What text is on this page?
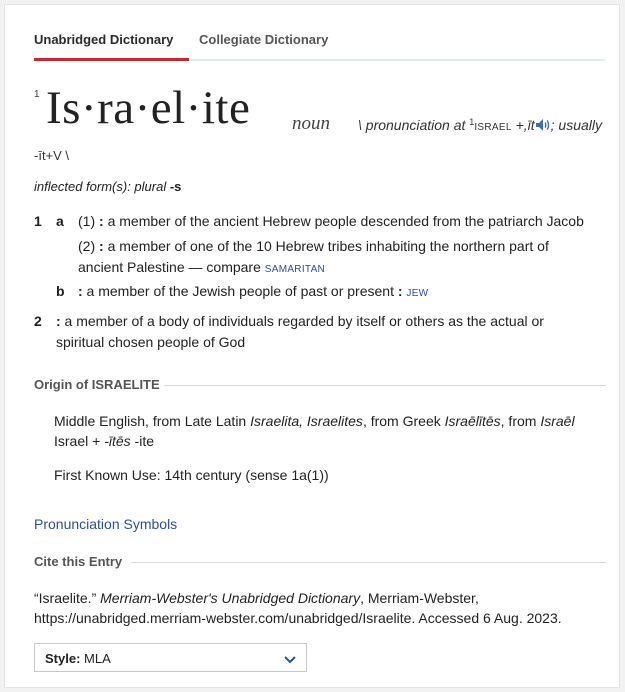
Unabridged Dictionary Collegiate Dictionary
1 Is·ra·el·ite noun \ pronunciation at $^1$ISRAEL +,īt ; usually
-īt+V \
inflected form(s): plural -s
1 a (1) : a member of the ancient Hebrew people descended from the patriarch Jacob
(2) : a member of one of the 10 Hebrew tribes inhabiting the northern part of ancient Palestine — compare SAMARITAN
b : a member of the Jewish people of past or present : JEW
2 : a member of a body of individuals regarded by itself or others as the actual or spiritual chosen people of God
Origin of ISRAELITE
Middle English, from Late Latin Israelita, Israelites, from Greek Israēlītēs, from Israēl Israel + -ītēs -ite
First Known Use: 14th century (sense 1a(1))
Pronunciation Symbols
Cite this Entry
“Israelite.” Merriam-Webster's Unabridged Dictionary, Merriam-Webster, https://unabridged.merriam-webster.com/unabridged/Israelite. Accessed 6 Aug. 2023.
Style: MLA
